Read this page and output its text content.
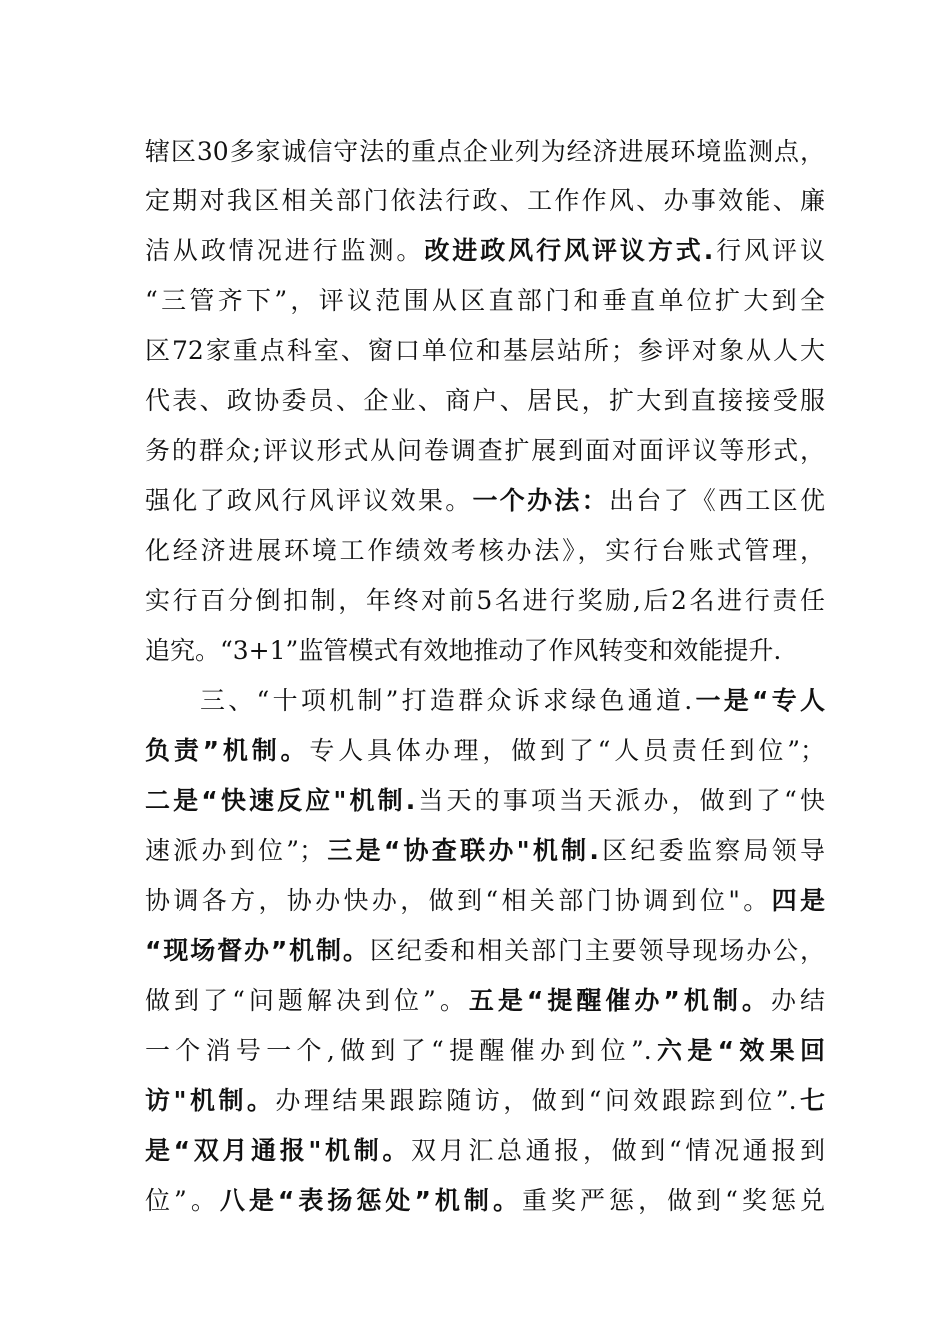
辖区30多家诚信守法的重点企业列为经济进展环境监测点，
定期对我区相关部门依法行政、工作作风、办事效能、廉
洁从政情况进行监测。改进政风行风评议方式.行风评议
“三管齐下”，评议范围从区直部门和垂直单位扩大到全
区72家重点科室、窗口单位和基层站所；参评对象从人大
代表、政协委员、企业、商户、居民，扩大到直接接受服
务的群众;评议形式从问卷调查扩展到面对面评议等形式，
强化了政风行风评议效果。一个办法：出台了《西工区优
化经济进展环境工作绩效考核办法》，实行台账式管理，
实行百分倒扣制，年终对前5名进行奖励,后2名进行责任
追究。“3+1”监管模式有效地推动了作风转变和效能提升.
三、“十项机制”打造群众诉求绿色通道.一是“专人
负责”机制。专人具体办理，做到了“人员责任到位”；
二是“快速反应"机制.当天的事项当天派办，做到了“快
速派办到位”；三是“协查联办"机制.区纪委监察局领导
协调各方，协办快办，做到“相关部门协调到位"。四是
“现场督办”机制。区纪委和相关部门主要领导现场办公，
做到了“问题解决到位”。五是“提醒催办”机制。办结
一个消号一个,做到了“提醒催办到位”.六是“效果回
访"机制。办理结果跟踪随访，做到“问效跟踪到位”.七
是“双月通报"机制。双月汇总通报，做到“情况通报到
位”。八是“表扬惩处”机制。重奖严惩，做到“奖惩兑
